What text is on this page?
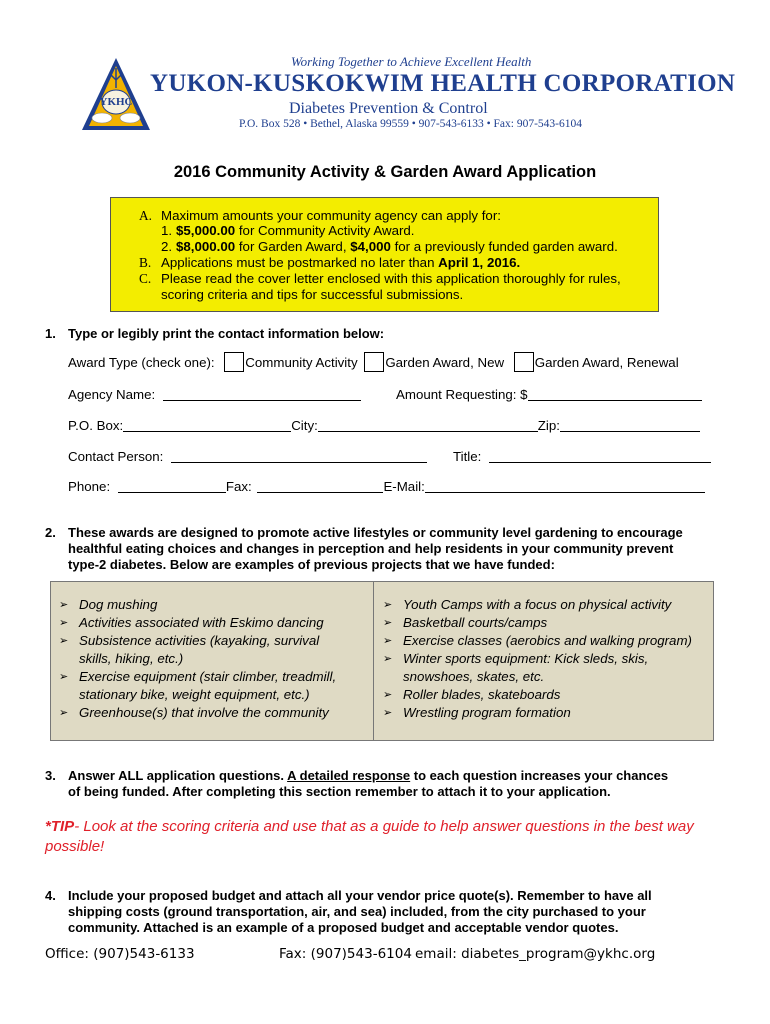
YKHC
Working Together to Achieve Excellent Health
YUKON-KUSKOKWIM HEALTH CORPORATION
Diabetes Prevention & Control
P.O. Box 528 • Bethel, Alaska 99559 • 907-543-6133 • Fax: 907-543-6104
2016 Community Activity & Garden Award Application
A. Maximum amounts your community agency can apply for:
1. $5,000.00 for Community Activity Award.
2. $8,000.00 for Garden Award, $4,000 for a previously funded garden award.
B. Applications must be postmarked no later than April 1, 2016.
C. Please read the cover letter enclosed with this application thoroughly for rules,
scoring criteria and tips for successful submissions.
1. Type or legibly print the contact information below:
Award Type (check one): Community Activity Garden Award, New Garden Award, Renewal
Agency Name:	Amount Requesting: $
P.O. Box:	City:	Zip:
Contact Person:	Title:
Phone:	Fax:	E-Mail:
2. These awards are designed to promote active lifestyles or community level gardening to encourage
healthful eating choices and changes in perception and help residents in your community prevent
type-2 diabetes. Below are examples of previous projects that we have funded:
➢ Dog mushing
➢ Activities associated with Eskimo dancing
➢ Subsistence activities (kayaking, survival
skills, hiking, etc.)
➢ Exercise equipment (stair climber, treadmill,
stationary bike, weight equipment, etc.)
➢ Greenhouse(s) that involve the community
➢ Youth Camps with a focus on physical activity
➢ Basketball courts/camps
➢ Exercise classes (aerobics and walking program)
➢ Winter sports equipment: Kick sleds, skis,
snowshoes, skates, etc.
➢ Roller blades, skateboards
➢ Wrestling program formation
3. Answer ALL application questions. A detailed response to each question increases your chances
of being funded. After completing this section remember to attach it to your application.
*TIP- Look at the scoring criteria and use that as a guide to help answer questions in the best way possible!
4. Include your proposed budget and attach all your vendor price quote(s). Remember to have all
shipping costs (ground transportation, air, and sea) included, from the city purchased to your
community. Attached is an example of a proposed budget and acceptable vendor quotes.
Office: (907)543-6133	Fax: (907)543-6104 email: diabetes_program@ykhc.org
